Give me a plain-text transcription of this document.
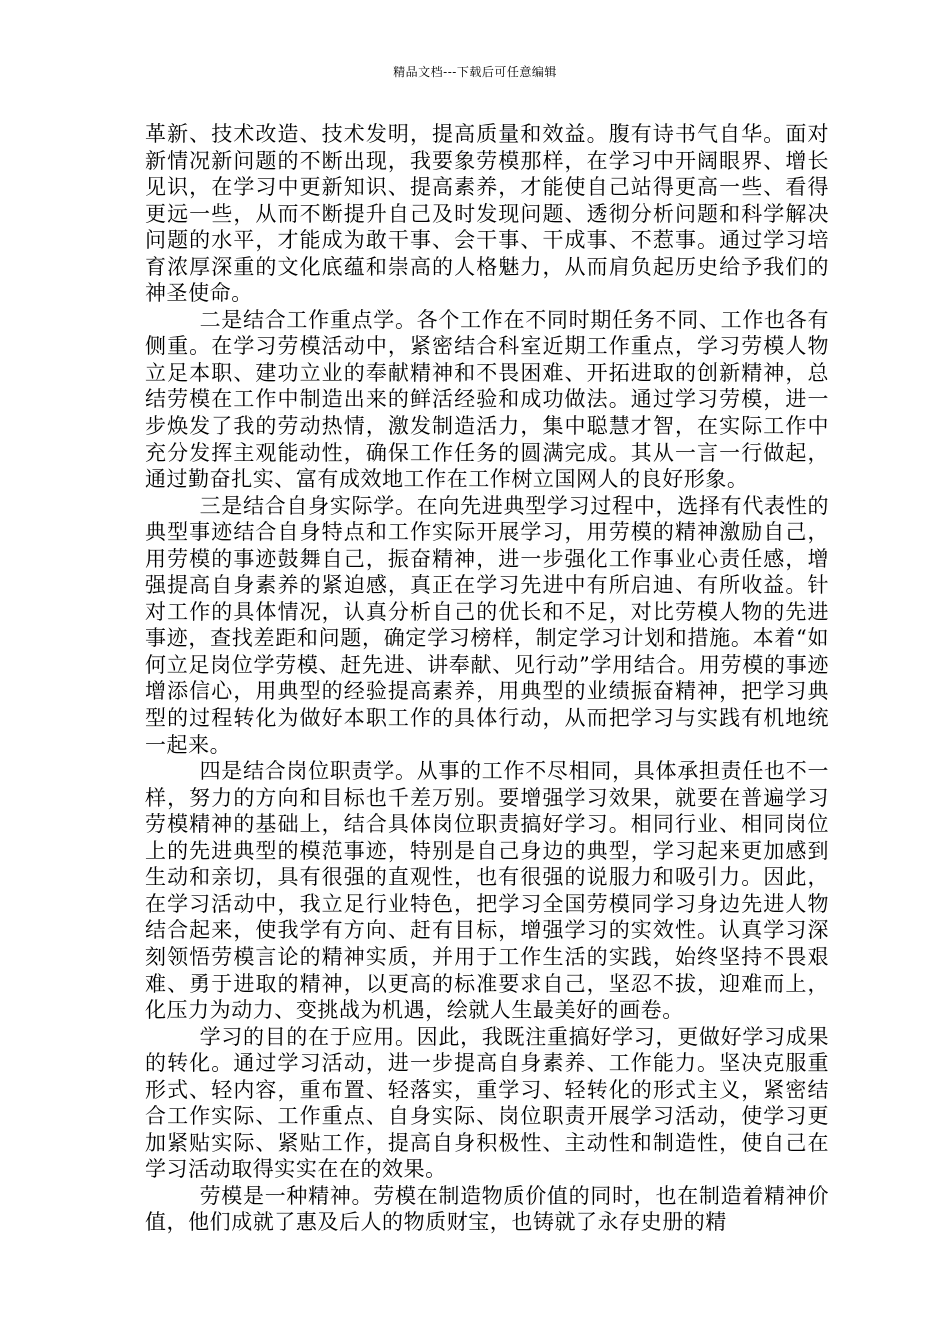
精品文档---下载后可任意编辑

革新、技术改造、技术发明，提高质量和效益。腹有诗书气自华。面对新情况新问题的不断出现，我要象劳模那样，在学习中开阔眼界、增长见识，在学习中更新知识、提高素养，才能使自己站得更高一些、看得更远一些，从而不断提升自己及时发现问题、透彻分析问题和科学解决问题的水平，才能成为敢干事、会干事、干成事、不惹事。通过学习培育浓厚深重的文化底蕴和崇高的人格魅力，从而肩负起历史给予我们的神圣使命。

二是结合工作重点学。各个工作在不同时期任务不同、工作也各有侧重。在学习劳模活动中，紧密结合科室近期工作重点，学习劳模人物立足本职、建功立业的奉献精神和不畏困难、开拓进取的创新精神，总结劳模在工作中制造出来的鲜活经验和成功做法。通过学习劳模，进一步焕发了我的劳动热情，激发制造活力，集中聪慧才智，在实际工作中充分发挥主观能动性，确保工作任务的圆满完成。其从一言一行做起，通过勤奋扎实、富有成效地工作在工作树立国网人的良好形象。

三是结合自身实际学。在向先进典型学习过程中，选择有代表性的典型事迹结合自身特点和工作实际开展学习，用劳模的精神激励自己，用劳模的事迹鼓舞自己，振奋精神，进一步强化工作事业心责任感，增强提高自身素养的紧迫感，真正在学习先进中有所启迪、有所收益。针对工作的具体情况，认真分析自己的优长和不足，对比劳模人物的先进事迹，查找差距和问题，确定学习榜样，制定学习计划和措施。本着“如何立足岗位学劳模、赶先进、讲奉献、见行动”学用结合。用劳模的事迹增添信心，用典型的经验提高素养，用典型的业绩振奋精神，把学习典型的过程转化为做好本职工作的具体行动，从而把学习与实践有机地统一起来。

四是结合岗位职责学。从事的工作不尽相同，具体承担责任也不一样，努力的方向和目标也千差万别。要增强学习效果，就要在普遍学习劳模精神的基础上，结合具体岗位职责搞好学习。相同行业、相同岗位上的先进典型的模范事迹，特别是自己身边的典型，学习起来更加感到生动和亲切，具有很强的直观性，也有很强的说服力和吸引力。因此，在学习活动中，我立足行业特色，把学习全国劳模同学习身边先进人物结合起来，使我学有方向、赶有目标，增强学习的实效性。认真学习深刻领悟劳模言论的精神实质，并用于工作生活的实践，始终坚持不畏艰难、勇于进取的精神，以更高的标准要求自己，坚忍不拔，迎难而上，化压力为动力、变挑战为机遇，绘就人生最美好的画卷。

学习的目的在于应用。因此，我既注重搞好学习，更做好学习成果的转化。通过学习活动，进一步提高自身素养、工作能力。坚决克服重形式、轻内容，重布置、轻落实，重学习、轻转化的形式主义，紧密结合工作实际、工作重点、自身实际、岗位职责开展学习活动，使学习更加紧贴实际、紧贴工作，提高自身积极性、主动性和制造性，使自己在学习活动取得实实在在的效果。

劳模是一种精神。劳模在制造物质价值的同时，也在制造着精神价值，他们成就了惠及后人的物质财宝，也铸就了永存史册的精
